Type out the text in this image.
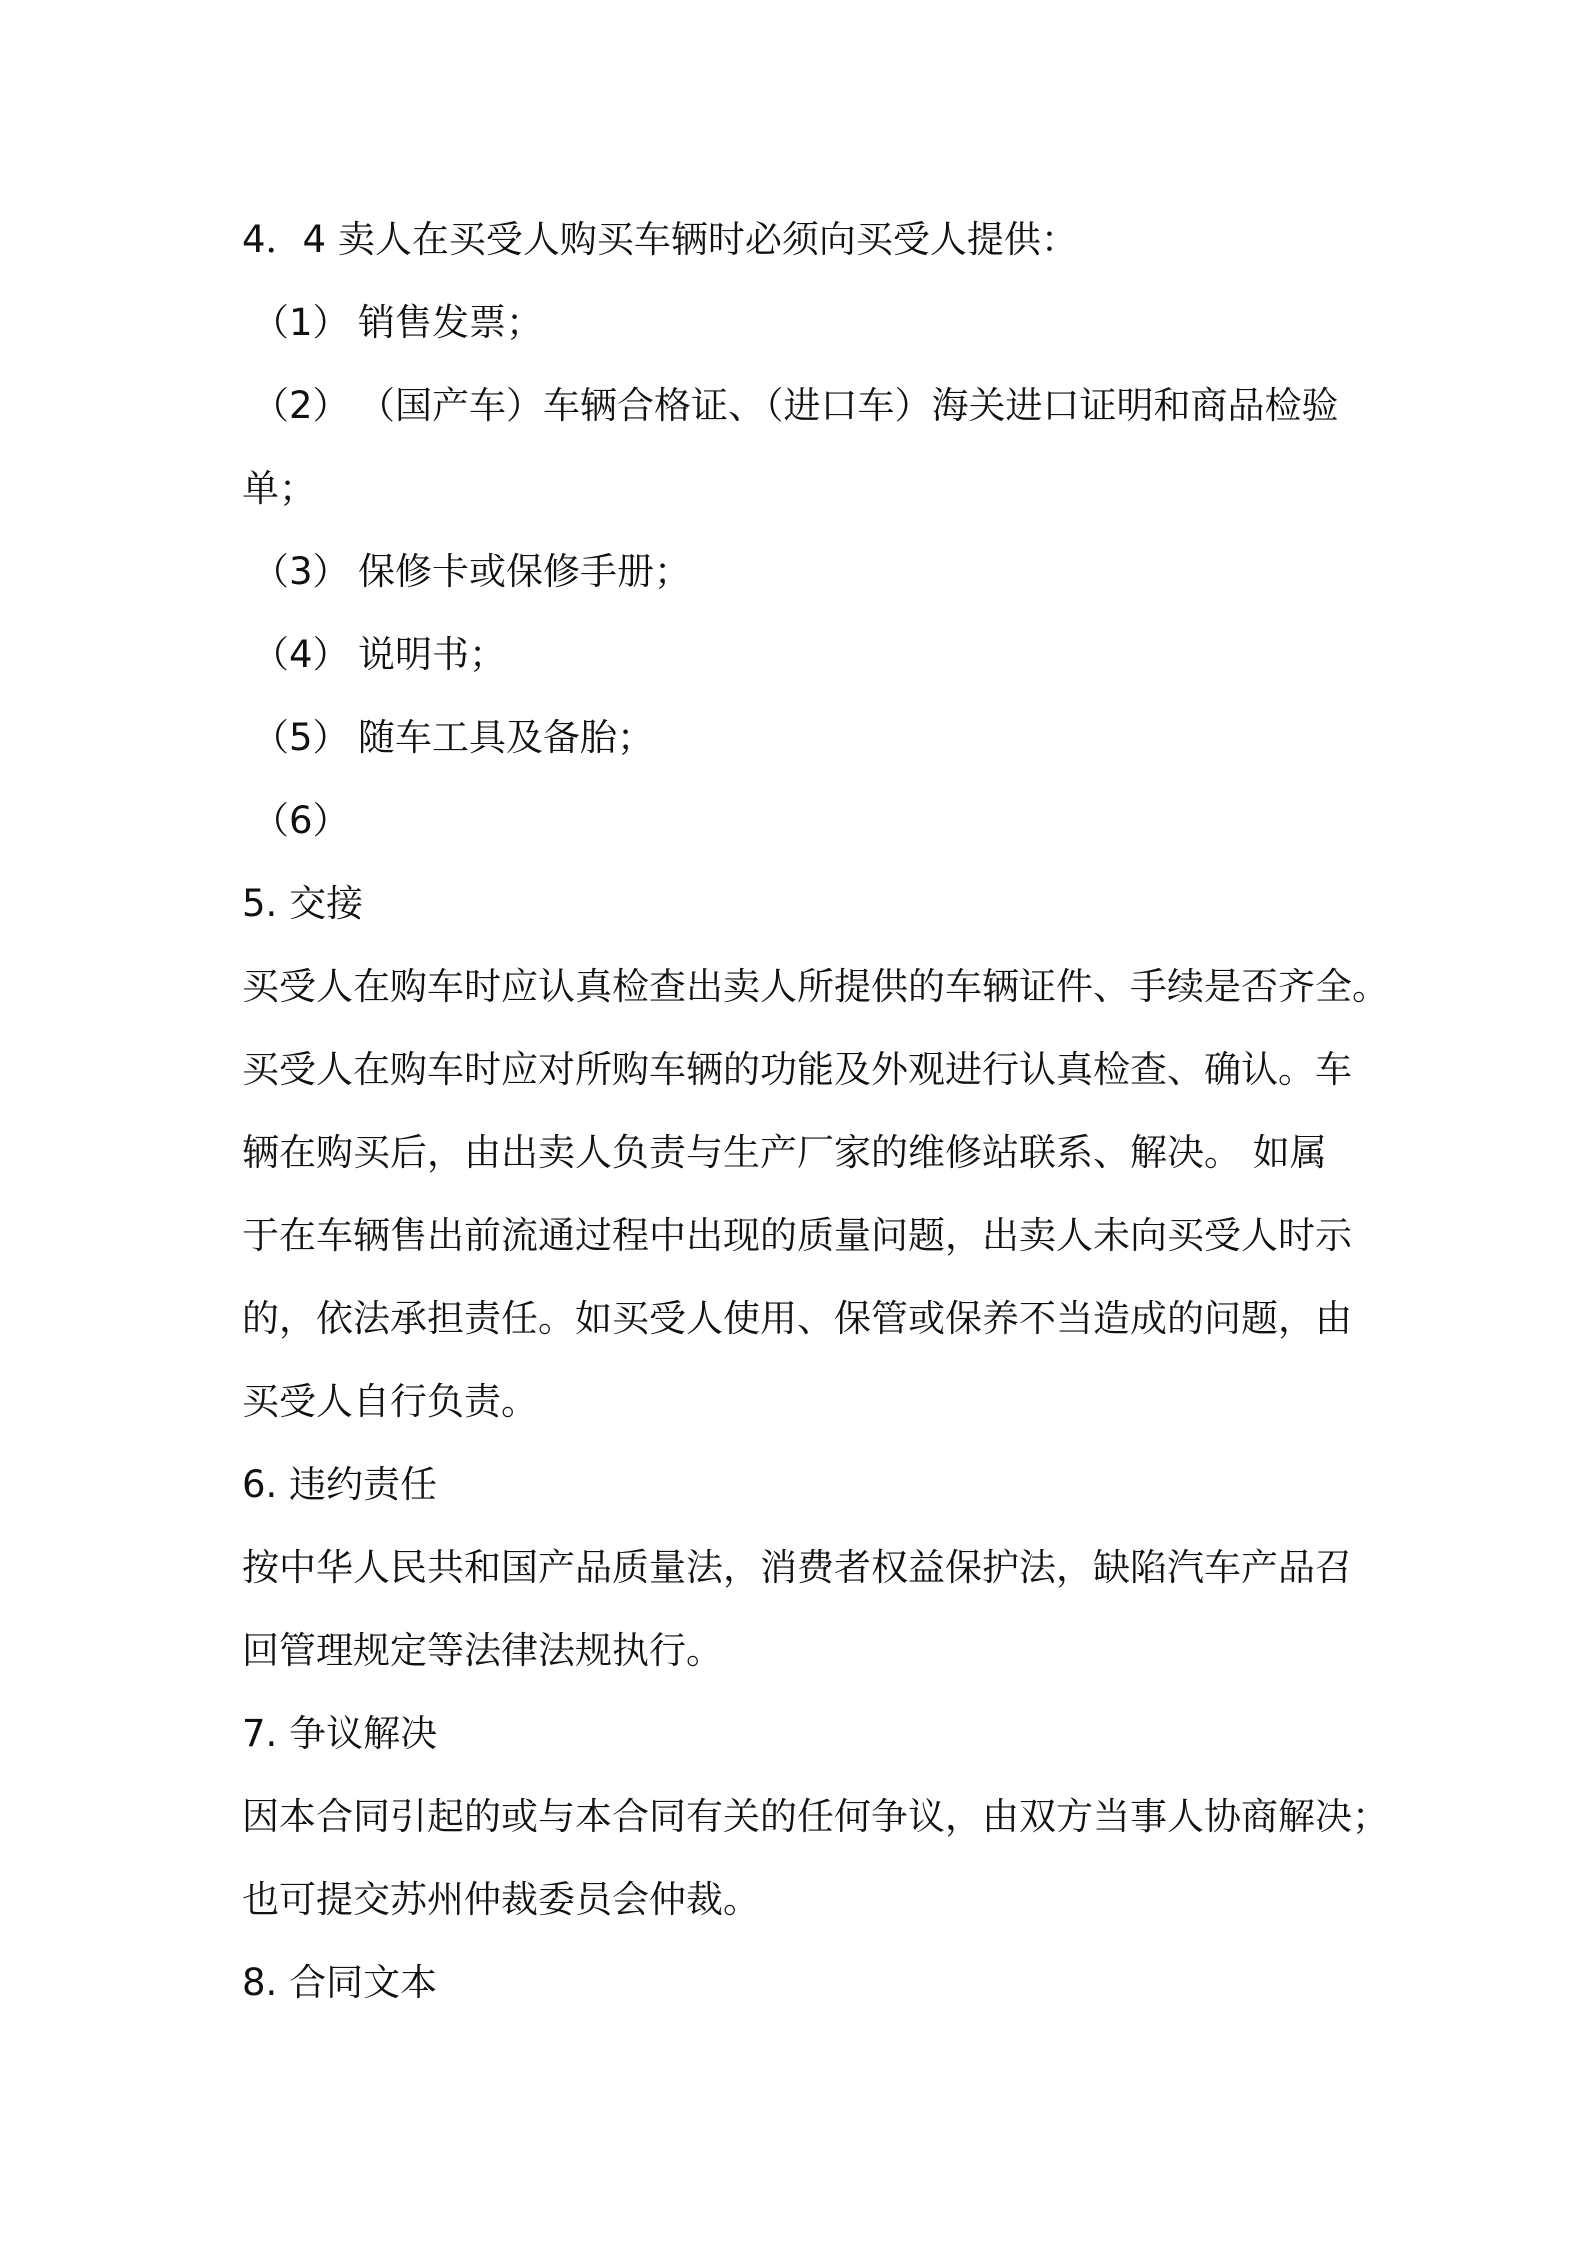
4．4 卖人在买受人购买车辆时必须向买受人提供：
（1） 销售发票；
（2） （国产车）车辆合格证、（进口车）海关进口证明和商品检验
单；
（3） 保修卡或保修手册；
（4） 说明书；
（5） 随车工具及备胎；
（6）
5. 交接
买受人在购车时应认真检查出卖人所提供的车辆证件、手续是否齐全。
买受人在购车时应对所购车辆的功能及外观进行认真检查、确认。车
辆在购买后，由出卖人负责与生产厂家的维修站联系、解决。 如属
于在车辆售出前流通过程中出现的质量问题，出卖人未向买受人时示
的，依法承担责任。如买受人使用、保管或保养不当造成的问题，由
买受人自行负责。
6. 违约责任
按中华人民共和国产品质量法，消费者权益保护法，缺陷汽车产品召
回管理规定等法律法规执行。
7. 争议解决
因本合同引起的或与本合同有关的任何争议，由双方当事人协商解决；
也可提交苏州仲裁委员会仲裁。
8. 合同文本
